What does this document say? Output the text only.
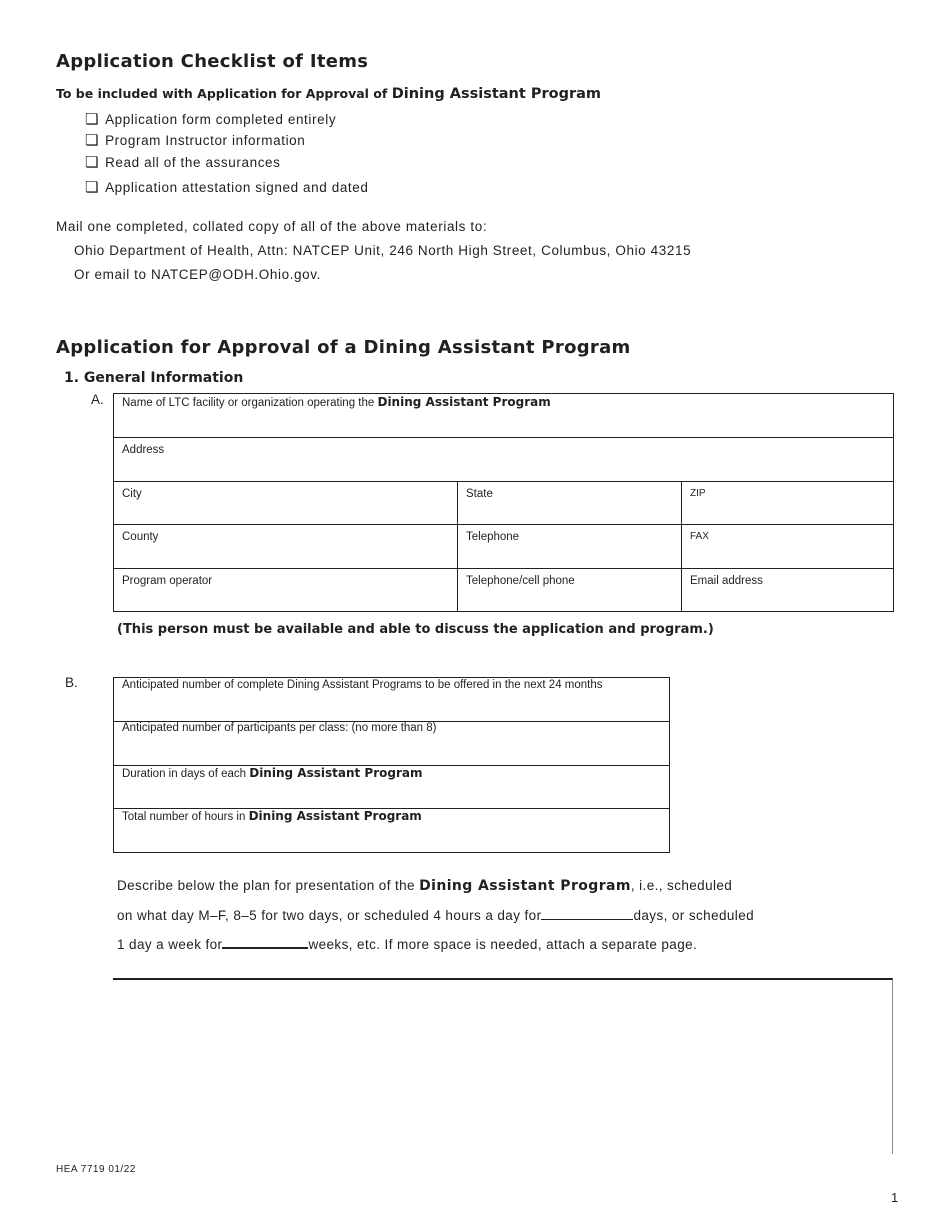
Application Checklist of Items
To be included with Application for Approval of Dining Assistant Program
❏ Application form completed entirely
❏ Program Instructor information
❏ Read all of the assurances
❏ Application attestation signed and dated
Mail one completed, collated copy of all of the above materials to:
Ohio Department of Health, Attn: NATCEP Unit, 246 North High Street, Columbus, Ohio 43215
Or email to NATCEP@ODH.Ohio.gov.
Application for Approval of a Dining Assistant Program
1. General Information
A.	Name of LTC facility or organization operating the Dining Assistant Program
Address
City	State	ZIP
County	Telephone	FAX
Program operator	Telephone/cell phone	Email address
(This person must be available and able to discuss the application and program.)
B.	Anticipated number of complete Dining Assistant Programs to be offered in the next 24 months
Anticipated number of participants per class: (no more than 8)
Duration in days of each Dining Assistant Program
Total number of hours in Dining Assistant Program
Describe below the plan for presentation of the Dining Assistant Program, i.e., scheduled
on what day M–F, 8–5 for two days, or scheduled 4 hours a day for	days, or scheduled
1 day a week for	weeks, etc. If more space is needed, attach a separate page.
HEA 7719 01/22
1
